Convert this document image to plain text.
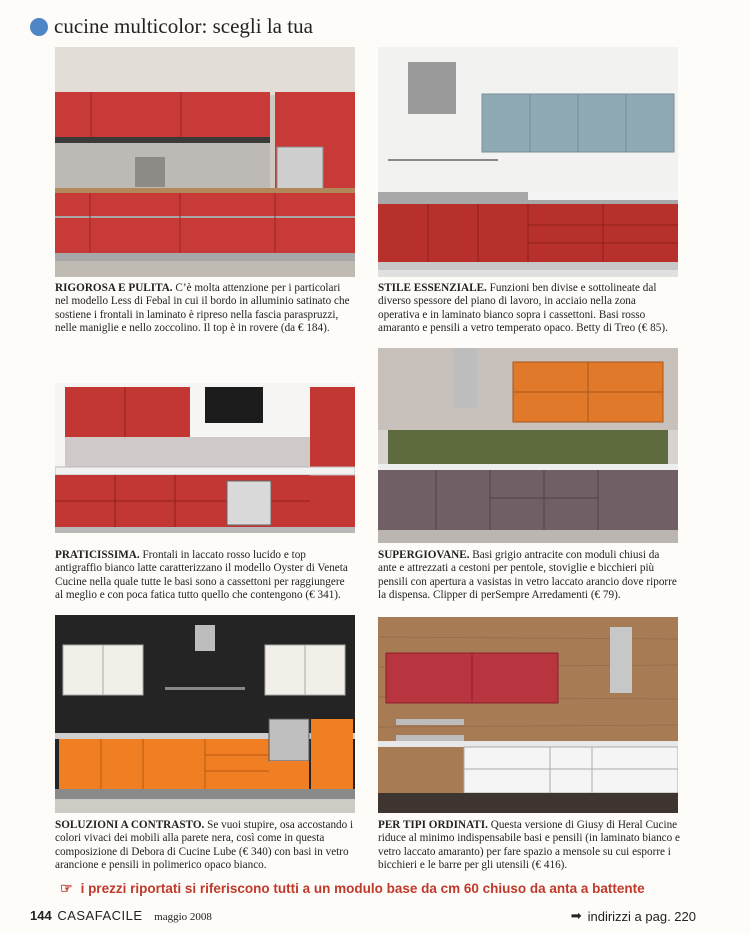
cucine multicolor: scegli la tua
RIGOROSA E PULITA. C’è molta attenzione per i particolari nel modello Less di Febal in cui il bordo in alluminio satinato che sostiene i frontali in laminato è ripreso nella fascia paraspruzzi, nelle maniglie e nello zoccolino. Il top è in rovere (da € 184).
STILE ESSENZIALE. Funzioni ben divise e sottolineate dal diverso spessore del piano di lavoro, in acciaio nella zona operativa e in laminato bianco sopra i cassettoni. Basi rosso amaranto e pensili a vetro temperato opaco. Betty di Treo (€ 85).
PRATICISSIMA. Frontali in laccato rosso lucido e top antigraffio bianco latte caratterizzano il modello Oyster di Veneta Cucine nella quale tutte le basi sono a cassettoni per raggiungere al meglio e con poca fatica tutto quello che contengono (€ 341).
SUPERGIOVANE. Basi grigio antracite con moduli chiusi da ante e attrezzati a cestoni per pentole, stoviglie e bicchieri più pensili con apertura a vasistas in vetro laccato arancio dove riporre la dispensa. Clipper di perSempre Arredamenti (€ 79).
SOLUZIONI A CONTRASTO. Se vuoi stupire, osa accostando i colori vivaci dei mobili alla parete nera, così come in questa composizione di Debora di Cucine Lube (€ 340) con basi in vetro arancione e pensili in polimerico opaco bianco.
PER TIPI ORDINATI. Questa versione di Giusy di Heral Cucine riduce al minimo indispensabile basi e pensili (in laminato bianco e vetro laccato amaranto) per fare spazio a mensole su cui esporre i bicchieri e le barre per gli utensili (€ 416).
☞ i prezzi riportati si riferiscono tutti a un modulo base da cm 60 chiuso da anta a battente
144 CASAFACILE maggio 2008	➡ indirizzi a pag. 220
